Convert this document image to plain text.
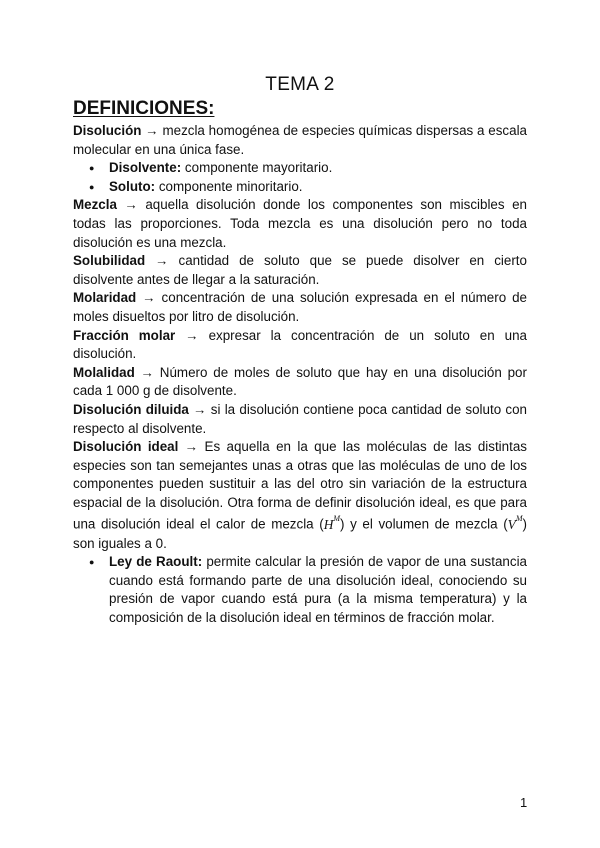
TEMA 2
DEFINICIONES:

Disolución → mezcla homogénea de especies químicas dispersas a escala molecular en una única fase.

● Disolvente: componente mayoritario.
● Soluto: componente minoritario.

Mezcla → aquella disolución donde los componentes son miscibles en todas las proporciones. Toda mezcla es una disolución pero no toda disolución es una mezcla.

Solubilidad → cantidad de soluto que se puede disolver en cierto disolvente antes de llegar a la saturación.

Molaridad → concentración de una solución expresada en el número de moles disueltos por litro de disolución.

Fracción molar → expresar la concentración de un soluto en una disolución.

Molalidad → Número de moles de soluto que hay en una disolución por cada 1 000 g de disolvente.

Disolución diluida → si la disolución contiene poca cantidad de soluto con respecto al disolvente.

Disolución ideal → Es aquella en la que las moléculas de las distintas especies son tan semejantes unas a otras que las moléculas de uno de los componentes pueden sustituir a las del otro sin variación de la estructura espacial de la disolución. Otra forma de definir disolución ideal, es que para una disolución ideal el calor de mezcla $(H^M)$ y el volumen de mezcla $(V^M)$ son iguales a 0.

● Ley de Raoult: permite calcular la presión de vapor de una sustancia cuando está formando parte de una disolución ideal, conociendo su presión de vapor cuando está pura (a la misma temperatura) y la composición de la disolución ideal en términos de fracción molar.
1
